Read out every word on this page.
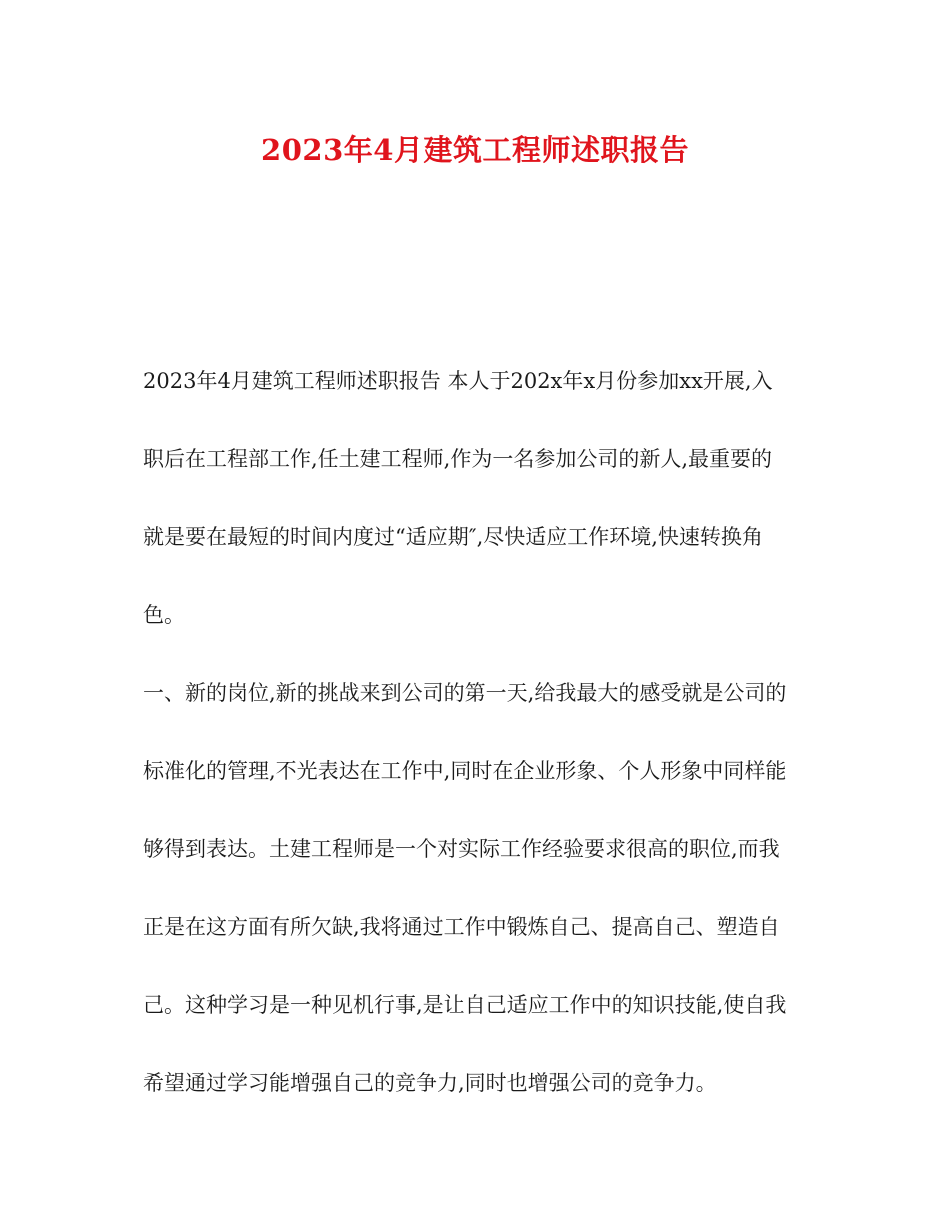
2023年4月建筑工程师述职报告
2023年4月建筑工程师述职报告 本人于202x年x月份参加xx开展,入
职后在工程部工作,任土建工程师,作为一名参加公司的新人,最重要的
就是要在最短的时间内度过“适应期″,尽快适应工作环境,快速转换角
色。
一、新的岗位,新的挑战来到公司的第一天,给我最大的感受就是公司的
标准化的管理,不光表达在工作中,同时在企业形象、个人形象中同样能
够得到表达。土建工程师是一个对实际工作经验要求很高的职位,而我
正是在这方面有所欠缺,我将通过工作中锻炼自己、提高自己、塑造自
己。这种学习是一种见机行事,是让自己适应工作中的知识技能,使自我
希望通过学习能增强自己的竞争力,同时也增强公司的竞争力。
